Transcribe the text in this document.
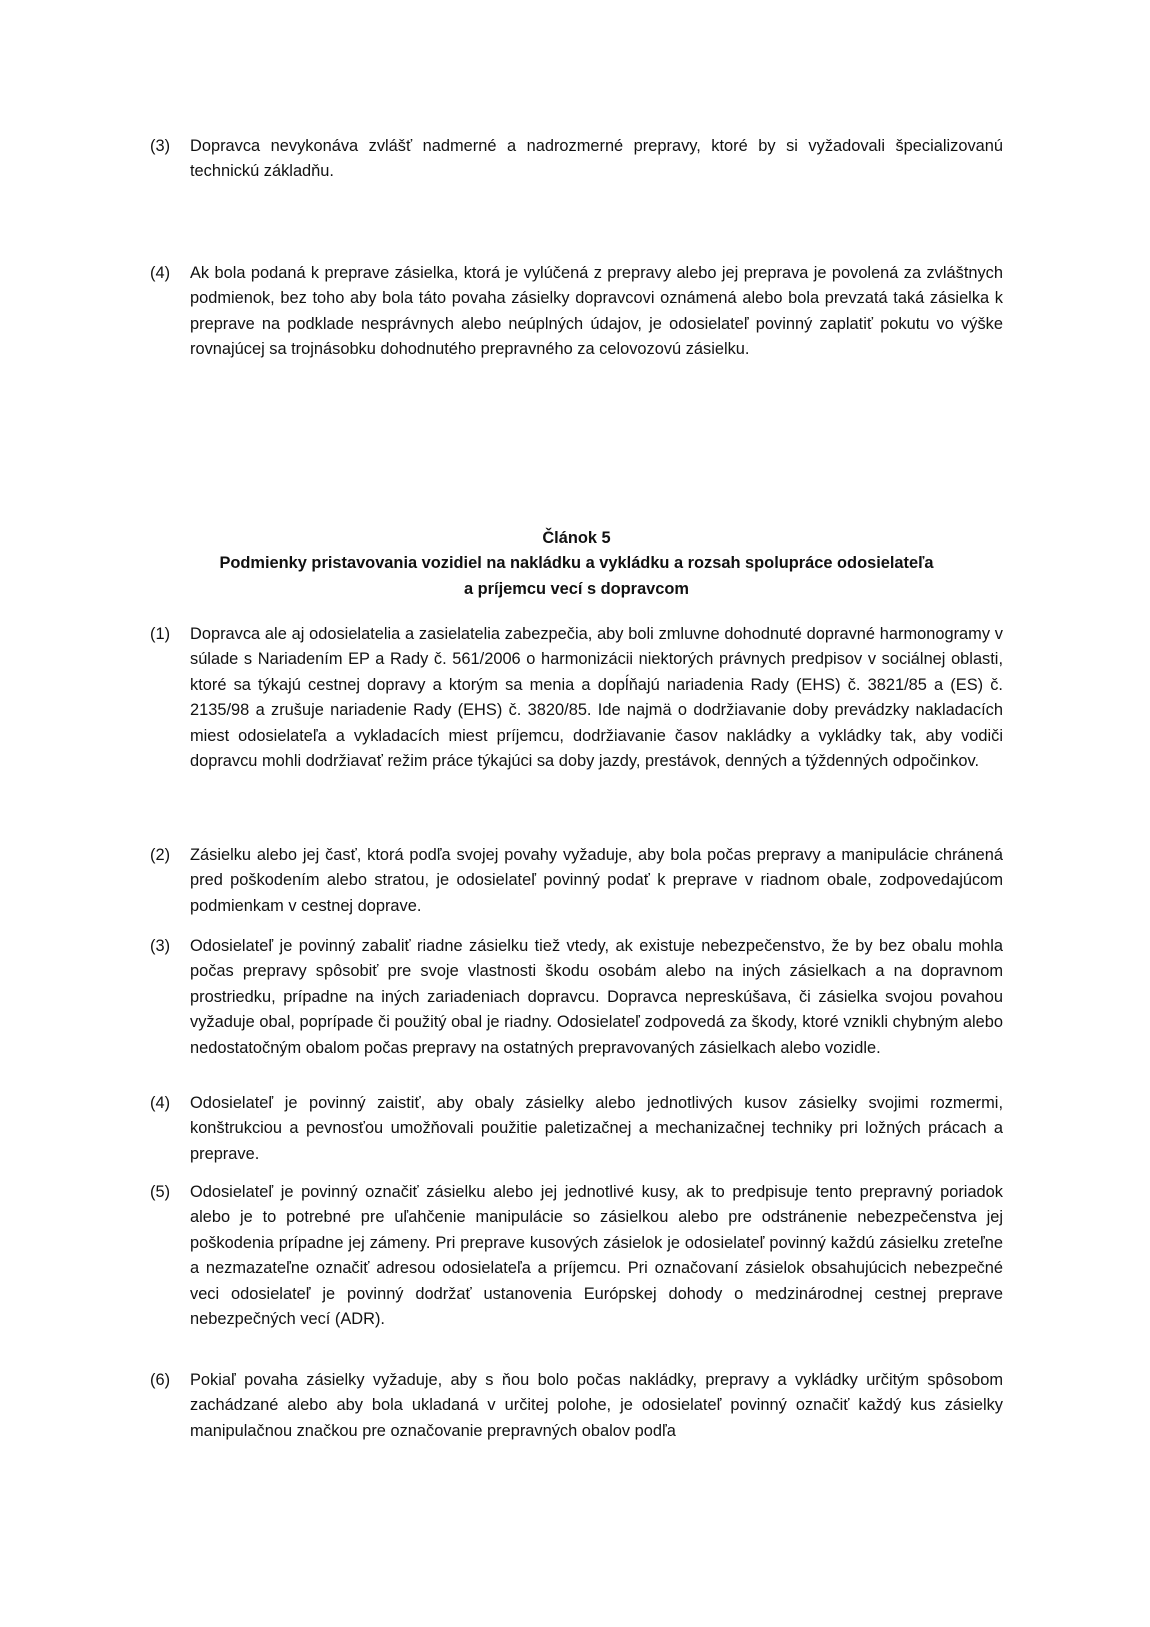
(3)	Dopravca nevykonáva zvlášť nadmerné a nadrozmerné prepravy, ktoré by si vyžadovali špecializovanú technickú základňu.
(4)	Ak bola podaná k preprave zásielka, ktorá je vylúčená z prepravy alebo jej preprava je povolená za zvláštnych podmienok, bez toho aby bola táto povaha zásielky dopravcovi oznámená alebo bola prevzatá taká zásielka k preprave na podklade nesprávnych alebo neúplných údajov, je odosielateľ povinný zaplatiť pokutu vo výške rovnajúcej sa trojnásobku dohodnutého prepravného za celovozovú zásielku.
Článok 5
Podmienky pristavovania vozidiel na nakládku a vykládku a rozsah spolupráce odosielateľa
a príjemcu vecí s dopravcom
(1)	Dopravca ale aj odosielatelia a zasielatelia zabezpečia, aby boli zmluvne dohodnuté dopravné harmonogramy v súlade s Nariadením EP a Rady č. 561/2006 o harmonizácii niektorých právnych predpisov v sociálnej oblasti, ktoré sa týkajú cestnej dopravy a ktorým sa menia a dopĺňajú nariadenia Rady (EHS) č. 3821/85 a (ES) č. 2135/98 a zrušuje nariadenie Rady (EHS) č. 3820/85. Ide najmä o dodržiavanie doby prevádzky nakladacích miest odosielateľa a vykladacích miest príjemcu, dodržiavanie časov nakládky a vykládky tak, aby vodiči dopravcu mohli dodržiavať režim práce týkajúci sa doby jazdy, prestávok, denných a týždenných odpočinkov.
(2)	Zásielku alebo jej časť, ktorá podľa svojej povahy vyžaduje, aby bola počas prepravy a manipulácie chránená pred poškodením alebo stratou, je odosielateľ povinný podať k preprave v riadnom obale, zodpovedajúcom podmienkam v cestnej doprave.
(3)	Odosielateľ je povinný zabaliť riadne zásielku tiež vtedy, ak existuje nebezpečenstvo, že by bez obalu mohla počas prepravy spôsobiť pre svoje vlastnosti škodu osobám alebo na iných zásielkach a na dopravnom prostriedku, prípadne na iných zariadeniach dopravcu. Dopravca nepreskúšava, či zásielka svojou povahou vyžaduje obal, poprípade či použitý obal je riadny. Odosielateľ zodpovedá za škody, ktoré vznikli chybným alebo nedostatočným obalom počas prepravy na ostatných prepravovaných zásielkach alebo vozidle.
(4)	Odosielateľ je povinný zaistiť, aby obaly zásielky alebo jednotlivých kusov zásielky svojimi rozmermi, konštrukciou a pevnosťou umožňovali použitie paletizačnej a mechanizačnej techniky pri ložných prácach a preprave.
(5)	Odosielateľ je povinný označiť zásielku alebo jej jednotlivé kusy, ak to predpisuje tento prepravný poriadok alebo je to potrebné pre uľahčenie manipulácie so zásielkou alebo pre odstránenie nebezpečenstva jej poškodenia prípadne jej zámeny. Pri preprave kusových zásielok je odosielateľ povinný každú zásielku zreteľne a nezmazateľne označiť adresou odosielateľa a príjemcu. Pri označovaní zásielok obsahujúcich nebezpečné veci odosielateľ je povinný dodržať ustanovenia Európskej dohody o medzinárodnej cestnej preprave nebezpečných vecí (ADR).
(6)	Pokiaľ povaha zásielky vyžaduje, aby s ňou bolo počas nakládky, prepravy a vykládky určitým spôsobom zachádzané alebo aby bola ukladaná v určitej polohe, je odosielateľ povinný označiť každý kus zásielky manipulačnou značkou pre označovanie prepravných obalov podľa
